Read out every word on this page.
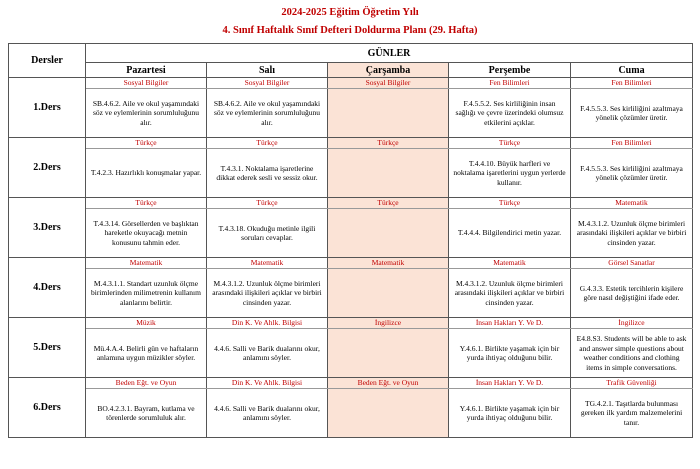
2024-2025 Eğitim Öğretim Yılı
4. Sınıf Haftalık Sınıf Defteri Doldurma Planı (29. Hafta)
Dersler	GÜNLER				
	Pazartesi	Salı	Çarşamba	Perşembe	Cuma
1.Ders	Sosyal Bilgiler	Sosyal Bilgiler	Sosyal Bilgiler	Fen Bilimleri	Fen Bilimleri

	SB.4.6.2. Aile ve okul yaşamındaki söz ve eylemlerinin sorumluluğunu alır.	SB.4.6.2. Aile ve okul yaşamındaki söz ve eylemlerinin sorumluluğunu alır.		F.4.5.5.2. Ses kirliliğinin insan sağlığı ve çevre üzerindeki olumsuz etkilerini açıklar.	F.4.5.5.3. Ses kirliliğini azaltmaya yönelik çözümler üretir.

2.Ders	Türkçe	Türkçe	Türkçe	Türkçe	Fen Bilimleri

	T.4.2.3. Hazırlıklı konuşmalar yapar.	T.4.3.1. Noktalama işaretlerine dikkat ederek sesli ve sessiz okur.		T.4.4.10. Büyük harfleri ve noktalama işaretlerini uygun yerlerde kullanır.	F.4.5.5.3. Ses kirliliğini azaltmaya yönelik çözümler üretir.

3.Ders	Türkçe	Türkçe	Türkçe	Türkçe	Matematik

	T.4.3.14. Görsellerden ve başlıktan hareketle okuyacağı metnin konusunu tahmin eder.	T.4.3.18. Okuduğu metinle ilgili soruları cevaplar.		T.4.4.4. Bilgilendirici metin yazar.	M.4.3.1.2. Uzunluk ölçme birimleri arasındaki ilişkileri açıklar ve birbiri cinsinden yazar.

4.Ders	Matematik	Matematik	Matematik	Matematik	Görsel Sanatlar

	M.4.3.1.1. Standart uzunluk ölçme birimlerinden milimetrenin kullanım alanlarını belirtir.	M.4.3.1.2. Uzunluk ölçme birimleri arasındaki ilişkileri açıklar ve birbiri cinsinden yazar.		M.4.3.1.2. Uzunluk ölçme birimleri arasındaki ilişkileri açıklar ve birbiri cinsinden yazar.	G.4.3.3. Estetik tercihlerin kişilere göre nasıl değiştiğini ifade eder.

5.Ders	Müzik	Din K. Ve Ahlk. Bilgisi	İngilizce	İnsan Hakları Y. Ve D.	İngilizce

	Mü.4.A.4. Belirli gün ve haftaların anlamına uygun müzikler söyler.	4.4.6. Salli ve Barik dualarını okur, anlamını söyler.		Y.4.6.1. Birlikte yaşamak için bir yurda ihtiyaç olduğunu bilir.	E4.8.S3. Students will be able to ask and answer simple questions about weather conditions and clothing items in simple conversations.

6.Ders	Beden Eğt. ve Oyun	Din K. Ve Ahlk. Bilgisi	Beden Eğt. ve Oyun	İnsan Hakları Y. Ve D.	Trafik Güvenliği

	BO.4.2.3.1. Bayram, kutlama ve törenlerde sorumluluk alır.	4.4.6. Salli ve Barik dualarını okur, anlamını söyler.		Y.4.6.1. Birlikte yaşamak için bir yurda ihtiyaç olduğunu bilir.	TG.4.2.1. Taşıtlarda bulunması gereken ilk yardım malzemelerini tanır.
